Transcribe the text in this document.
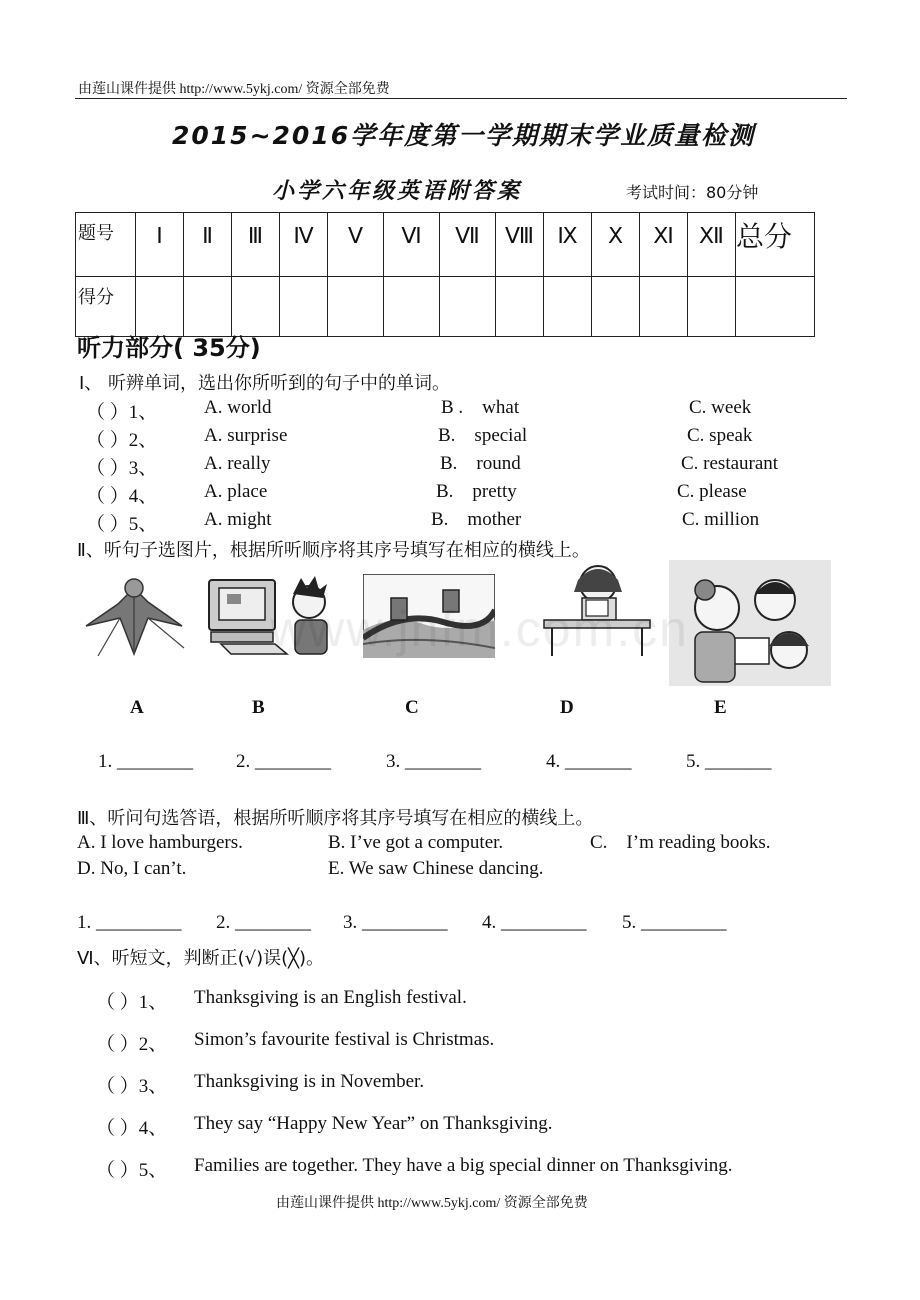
由莲山课件提供 http://www.5ykj.com/ 资源全部免费
2015~2016学年度第一学期期末学业质量检测
小学六年级英语附答案	考试时间：80分钟
题号	Ⅰ	Ⅱ	Ⅲ	Ⅳ	Ⅴ	Ⅵ	Ⅶ	Ⅷ	Ⅸ	Ⅹ	Ⅺ	Ⅻ	总分
得分													
听力部分( 35分)
Ⅰ、 听辨单词，选出你所听到的句子中的单词。
（ ）1、 A. world	B .    what	C. week
（ ）2、 A. surprise	B.    special	C. speak
（ ）3、 A. really	B.    round	C. restaurant
（ ）4、 A. place	B.    pretty	C. please
（ ）5、 A. might	B.    mother	C. million
Ⅱ、听句子选图片，根据所听顺序将其序号填写在相应的横线上。
www.jnfm.com.cn
A	B	C	D	E
1. ________ 2. ________	3. ________	4. _______	5. _______
Ⅲ、听问句选答语，根据所听顺序将其序号填写在相应的横线上。
A. I love hamburgers.	B. I’ve got a computer.	C.    I’m reading books.
D. No, I can’t.	E. We saw Chinese dancing.
1. _________ 2. ________ 3. _________ 4. _________ 5. _________
Ⅵ、听短文，判断正(√)误(╳)。
（ ）1、 Thanksgiving is an English festival.
（ ）2、 Simon’s favourite festival is Christmas.
（ ）3、 Thanksgiving is in November.
（ ）4、 They say “Happy New Year” on Thanksgiving.
（ ）5、 Families are together. They have a big special dinner on Thanksgiving.
由莲山课件提供 http://www.5ykj.com/ 资源全部免费
